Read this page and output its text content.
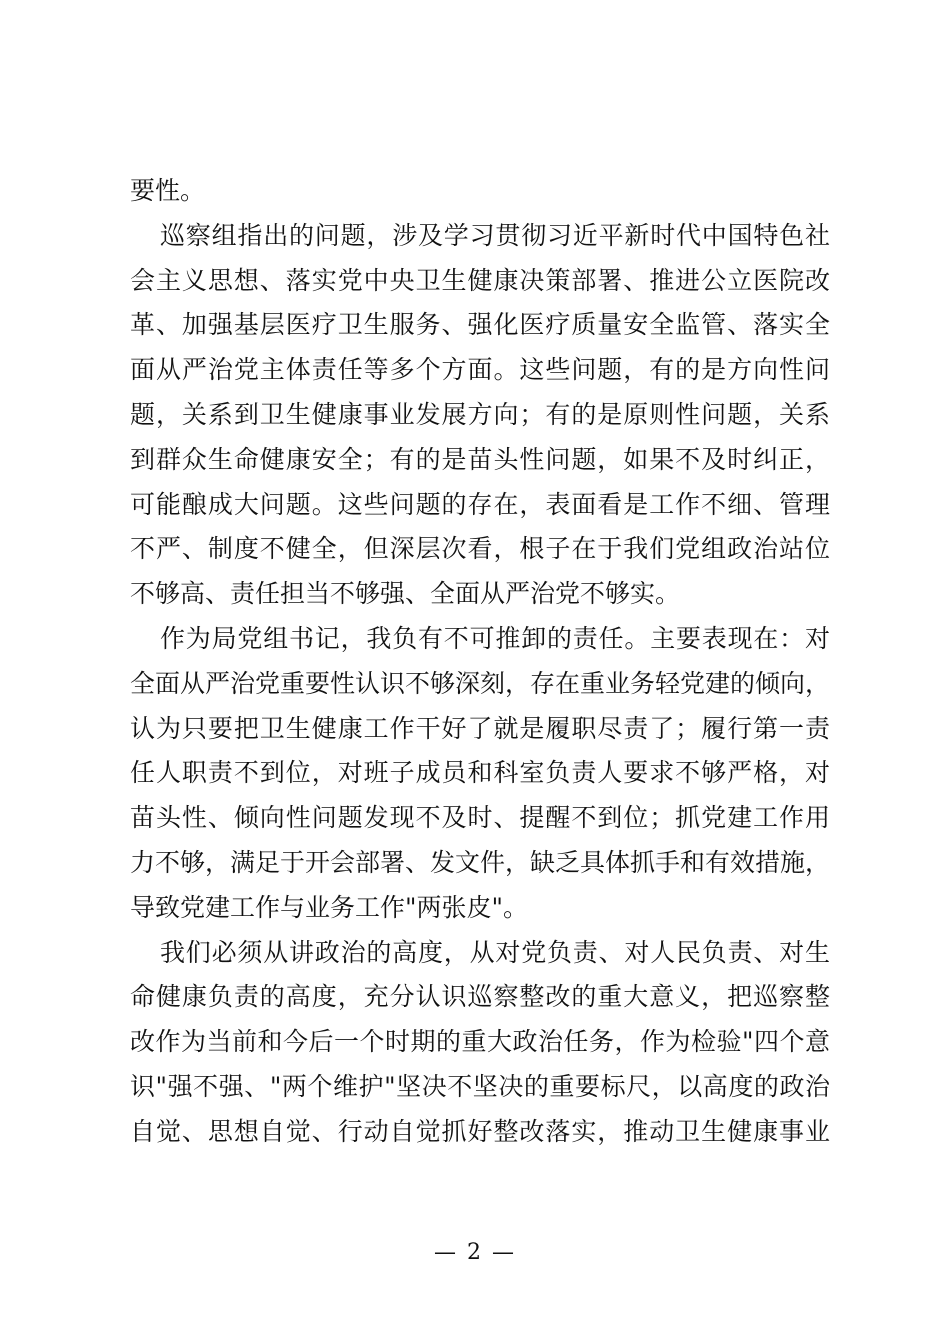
要性。
巡察组指出的问题，涉及学习贯彻习近平新时代中国特色社
会主义思想、落实党中央卫生健康决策部署、推进公立医院改
革、加强基层医疗卫生服务、强化医疗质量安全监管、落实全
面从严治党主体责任等多个方面。这些问题，有的是方向性问
题，关系到卫生健康事业发展方向；有的是原则性问题，关系
到群众生命健康安全；有的是苗头性问题，如果不及时纠正，
可能酿成大问题。这些问题的存在，表面看是工作不细、管理
不严、制度不健全，但深层次看，根子在于我们党组政治站位
不够高、责任担当不够强、全面从严治党不够实。
作为局党组书记，我负有不可推卸的责任。主要表现在：对
全面从严治党重要性认识不够深刻，存在重业务轻党建的倾向，
认为只要把卫生健康工作干好了就是履职尽责了；履行第一责
任人职责不到位，对班子成员和科室负责人要求不够严格，对
苗头性、倾向性问题发现不及时、提醒不到位；抓党建工作用
力不够，满足于开会部署、发文件，缺乏具体抓手和有效措施，
导致党建工作与业务工作"两张皮"。
我们必须从讲政治的高度，从对党负责、对人民负责、对生
命健康负责的高度，充分认识巡察整改的重大意义，把巡察整
改作为当前和今后一个时期的重大政治任务，作为检验"四个意
识"强不强、"两个维护"坚决不坚决的重要标尺，以高度的政治
自觉、思想自觉、行动自觉抓好整改落实，推动卫生健康事业
— 2 —
